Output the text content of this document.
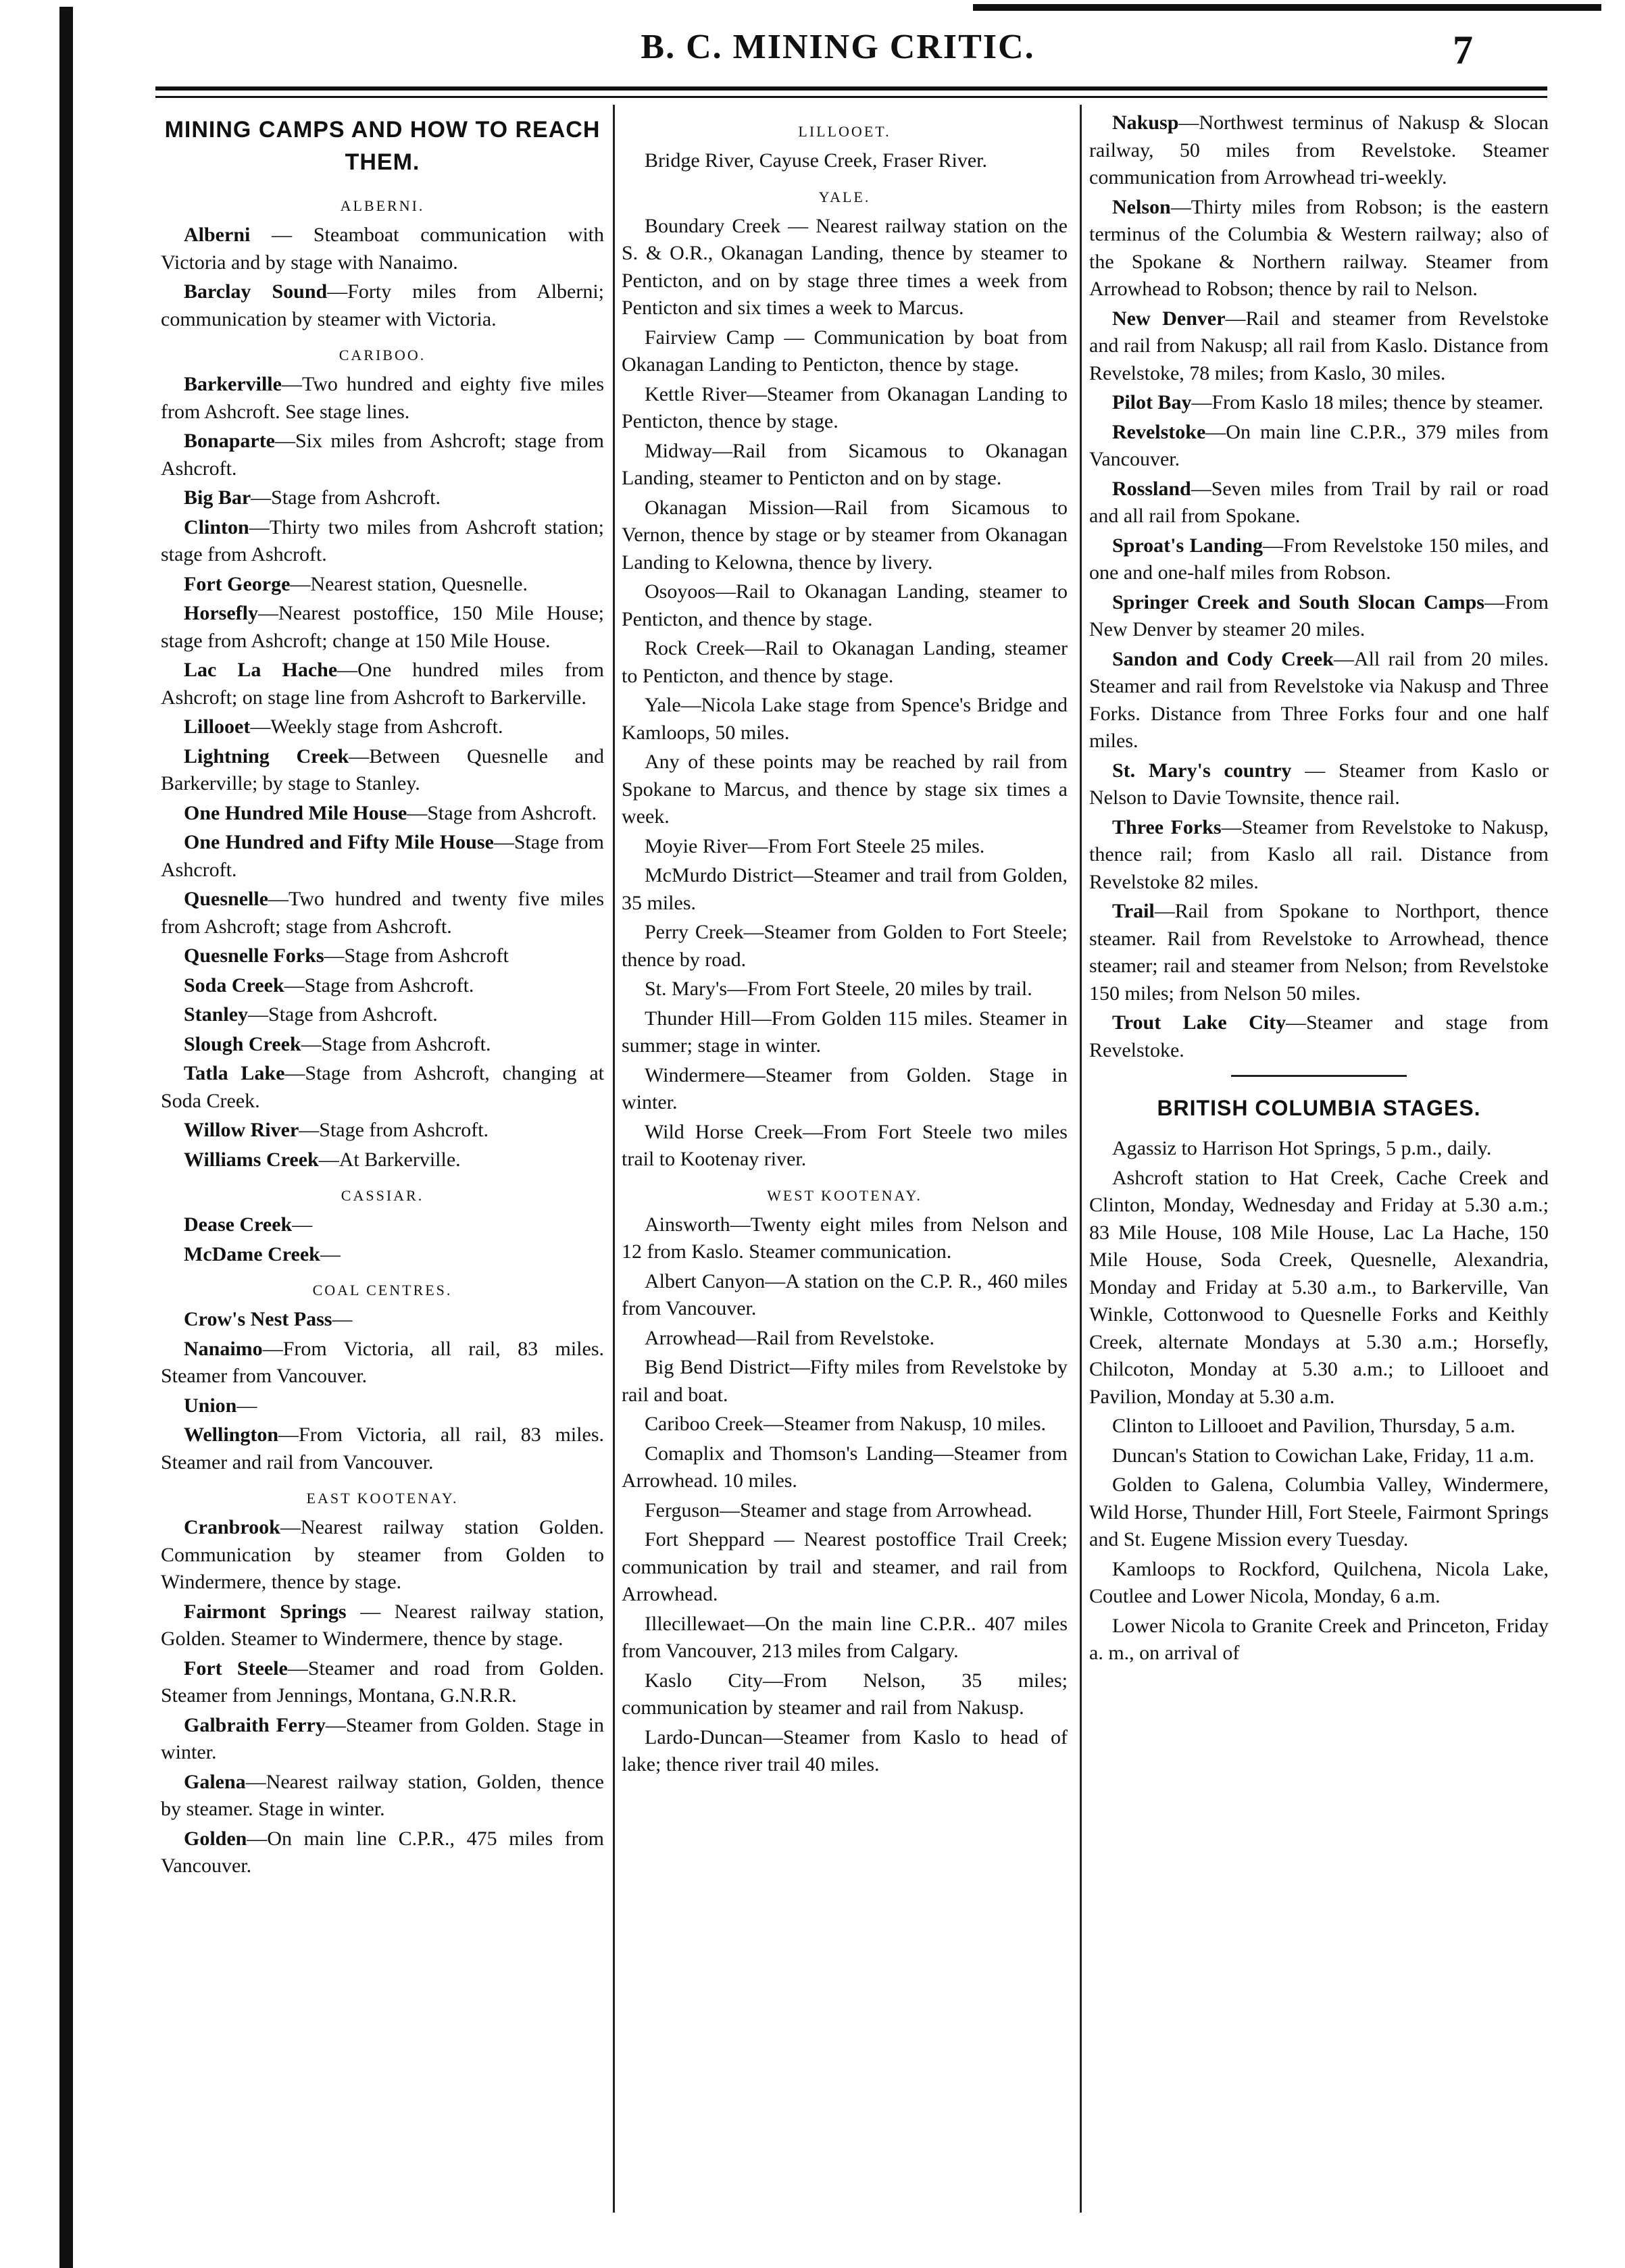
B. C. MINING CRITIC.	7
MINING CAMPS AND HOW TO REACH THEM.
ALBERNI.

Alberni — Steamboat communication with Victoria and by stage with Nanaimo.

Barclay Sound—Forty miles from Alberni; communication by steamer with Victoria.

CARIBOO.

Barkerville—Two hundred and eighty five miles from Ashcroft. See stage lines.

Bonaparte—Six miles from Ashcroft; stage from Ashcroft.

Big Bar—Stage from Ashcroft.

Clinton—Thirty two miles from Ashcroft station; stage from Ashcroft.

Fort George—Nearest station, Quesnelle.

Horsefly—Nearest postoffice, 150 Mile House; stage from Ashcroft; change at 150 Mile House.

Lac La Hache—One hundred miles from Ashcroft; on stage line from Ashcroft to Barkerville.

Lillooet—Weekly stage from Ashcroft.

Lightning Creek—Between Quesnelle and Barkerville; by stage to Stanley.

One Hundred Mile House—Stage from Ashcroft.

One Hundred and Fifty Mile House—Stage from Ashcroft.

Quesnelle—Two hundred and twenty five miles from Ashcroft; stage from Ashcroft.

Quesnelle Forks—Stage from Ashcroft

Soda Creek—Stage from Ashcroft.

Stanley—Stage from Ashcroft.

Slough Creek—Stage from Ashcroft.

Tatla Lake—Stage from Ashcroft, changing at Soda Creek.

Willow River—Stage from Ashcroft.

Williams Creek—At Barkerville.

CASSIAR.

Dease Creek—

McDame Creek—

COAL CENTRES.

Crow's Nest Pass—

Nanaimo—From Victoria, all rail, 83 miles. Steamer from Vancouver.

Union—

Wellington—From Victoria, all rail, 83 miles. Steamer and rail from Vancouver.

EAST KOOTENAY.

Cranbrook—Nearest railway station Golden. Communication by steamer from Golden to Windermere, thence by stage.

Fairmont Springs — Nearest railway station, Golden. Steamer to Windermere, thence by stage.

Fort Steele—Steamer and road from Golden. Steamer from Jennings, Montana, G.N.R.R.

Galbraith Ferry—Steamer from Golden. Stage in winter.

Galena—Nearest railway station, Golden, thence by steamer. Stage in winter.

Golden—On main line C.P.R., 475 miles from Vancouver.

LILLOOET.

Bridge River, Cayuse Creek, Fraser River.

YALE.

Boundary Creek — Nearest railway station on the S. & O.R., Okanagan Landing, thence by steamer to Penticton, and on by stage three times a week from Penticton and six times a week to Marcus.

Fairview Camp — Communication by boat from Okanagan Landing to Penticton, thence by stage.

Kettle River—Steamer from Okanagan Landing to Penticton, thence by stage.

Midway—Rail from Sicamous to Okanagan Landing, steamer to Penticton and on by stage.

Okanagan Mission—Rail from Sicamous to Vernon, thence by stage or by steamer from Okanagan Landing to Kelowna, thence by livery.

Osoyoos—Rail to Okanagan Landing, steamer to Penticton, and thence by stage.

Rock Creek—Rail to Okanagan Landing, steamer to Penticton, and thence by stage.

Yale—Nicola Lake stage from Spence's Bridge and Kamloops, 50 miles.

Any of these points may be reached by rail from Spokane to Marcus, and thence by stage six times a week.

Moyie River—From Fort Steele 25 miles.

McMurdo District—Steamer and trail from Golden, 35 miles.

Perry Creek—Steamer from Golden to Fort Steele; thence by road.

St. Mary's—From Fort Steele, 20 miles by trail.

Thunder Hill—From Golden 115 miles. Steamer in summer; stage in winter.

Windermere—Steamer from Golden. Stage in winter.

Wild Horse Creek—From Fort Steele two miles trail to Kootenay river.

WEST KOOTENAY.

Ainsworth—Twenty eight miles from Nelson and 12 from Kaslo. Steamer communication.

Albert Canyon—A station on the C.P. R., 460 miles from Vancouver.

Arrowhead—Rail from Revelstoke.

Big Bend District—Fifty miles from Revelstoke by rail and boat.

Cariboo Creek—Steamer from Nakusp, 10 miles.

Comaplix and Thomson's Landing—Steamer from Arrowhead. 10 miles.

Ferguson—Steamer and stage from Arrowhead.

Fort Sheppard — Nearest postoffice Trail Creek; communication by trail and steamer, and rail from Arrowhead.

Illecillewaet—On the main line C.P.R.. 407 miles from Vancouver, 213 miles from Calgary.

Kaslo City—From Nelson, 35 miles; communication by steamer and rail from Nakusp.

Lardo-Duncan—Steamer from Kaslo to head of lake; thence river trail 40 miles.

Nakusp—Northwest terminus of Nakusp & Slocan railway, 50 miles from Revelstoke. Steamer communication from Arrowhead tri-weekly.

Nelson—Thirty miles from Robson; is the eastern terminus of the Columbia & Western railway; also of the Spokane & Northern railway. Steamer from Arrowhead to Robson; thence by rail to Nelson.

New Denver—Rail and steamer from Revelstoke and rail from Nakusp; all rail from Kaslo. Distance from Revelstoke, 78 miles; from Kaslo, 30 miles.

Pilot Bay—From Kaslo 18 miles; thence by steamer.

Revelstoke—On main line C.P.R., 379 miles from Vancouver.

Rossland—Seven miles from Trail by rail or road and all rail from Spokane.

Sproat's Landing—From Revelstoke 150 miles, and one and one-half miles from Robson.

Springer Creek and South Slocan Camps—From New Denver by steamer 20 miles.

Sandon and Cody Creek—All rail from 20 miles. Steamer and rail from Revelstoke via Nakusp and Three Forks. Distance from Three Forks four and one half miles.

St. Mary's country — Steamer from Kaslo or Nelson to Davie Townsite, thence rail.

Three Forks—Steamer from Revelstoke to Nakusp, thence rail; from Kaslo all rail. Distance from Revelstoke 82 miles.

Trail—Rail from Spokane to Northport, thence steamer. Rail from Revelstoke to Arrowhead, thence steamer; rail and steamer from Nelson; from Revelstoke 150 miles; from Nelson 50 miles.

Trout Lake City—Steamer and stage from Revelstoke.

BRITISH COLUMBIA STAGES.

Agassiz to Harrison Hot Springs, 5 p.m., daily.

Ashcroft station to Hat Creek, Cache Creek and Clinton, Monday, Wednesday and Friday at 5.30 a.m.; 83 Mile House, 108 Mile House, Lac La Hache, 150 Mile House, Soda Creek, Quesnelle, Alexandria, Monday and Friday at 5.30 a.m., to Barkerville, Van Winkle, Cottonwood to Quesnelle Forks and Keithly Creek, alternate Mondays at 5.30 a.m.; Horsefly, Chilcoton, Monday at 5.30 a.m.; to Lillooet and Pavilion, Monday at 5.30 a.m.

Clinton to Lillooet and Pavilion, Thursday, 5 a.m.

Duncan's Station to Cowichan Lake, Friday, 11 a.m.

Golden to Galena, Columbia Valley, Windermere, Wild Horse, Thunder Hill, Fort Steele, Fairmont Springs and St. Eugene Mission every Tuesday.

Kamloops to Rockford, Quilchena, Nicola Lake, Coutlee and Lower Nicola, Monday, 6 a.m.

Lower Nicola to Granite Creek and Princeton, Friday a. m., on arrival of
